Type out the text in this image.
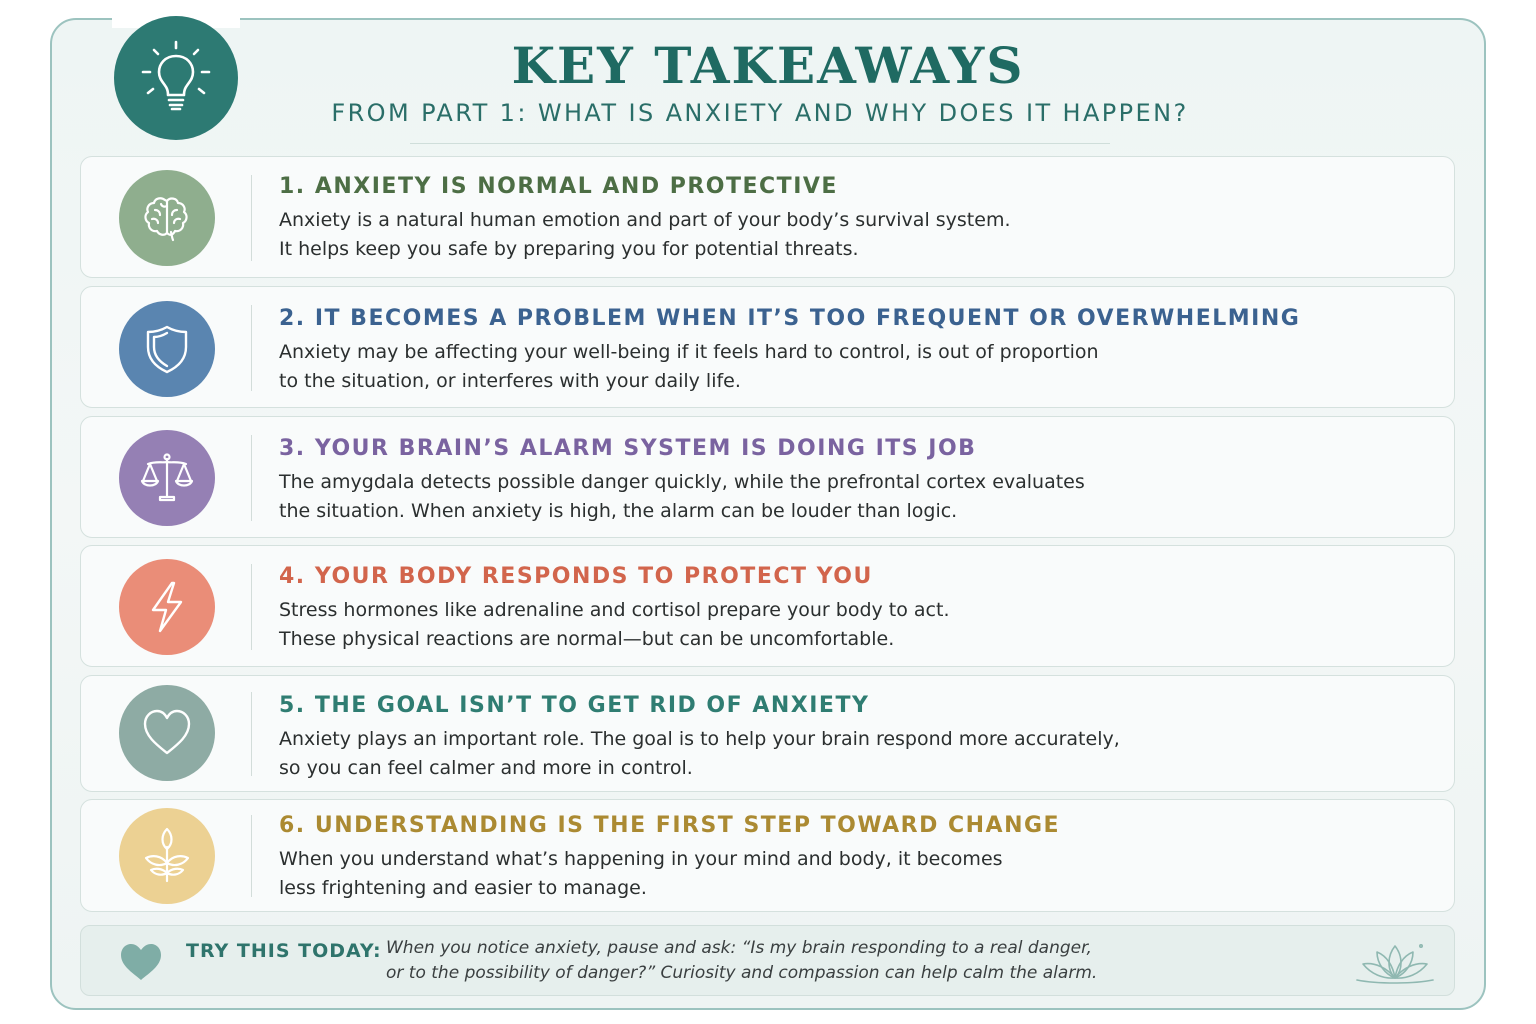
KEY TAKEAWAYS
FROM PART 1: WHAT IS ANXIETY AND WHY DOES IT HAPPEN?
1. ANXIETY IS NORMAL AND PROTECTIVE
Anxiety is a natural human emotion and part of your body’s survival system.
It helps keep you safe by preparing you for potential threats.
2. IT BECOMES A PROBLEM WHEN IT’S TOO FREQUENT OR OVERWHELMING
Anxiety may be affecting your well-being if it feels hard to control, is out of proportion
to the situation, or interferes with your daily life.
3. YOUR BRAIN’S ALARM SYSTEM IS DOING ITS JOB
The amygdala detects possible danger quickly, while the prefrontal cortex evaluates
the situation. When anxiety is high, the alarm can be louder than logic.
4. YOUR BODY RESPONDS TO PROTECT YOU
Stress hormones like adrenaline and cortisol prepare your body to act.
These physical reactions are normal—but can be uncomfortable.
5. THE GOAL ISN’T TO GET RID OF ANXIETY
Anxiety plays an important role. The goal is to help your brain respond more accurately,
so you can feel calmer and more in control.
6. UNDERSTANDING IS THE FIRST STEP TOWARD CHANGE
When you understand what’s happening in your mind and body, it becomes
less frightening and easier to manage.
TRY THIS TODAY: When you notice anxiety, pause and ask: “Is my brain responding to a real danger,
or to the possibility of danger?” Curiosity and compassion can help calm the alarm.
